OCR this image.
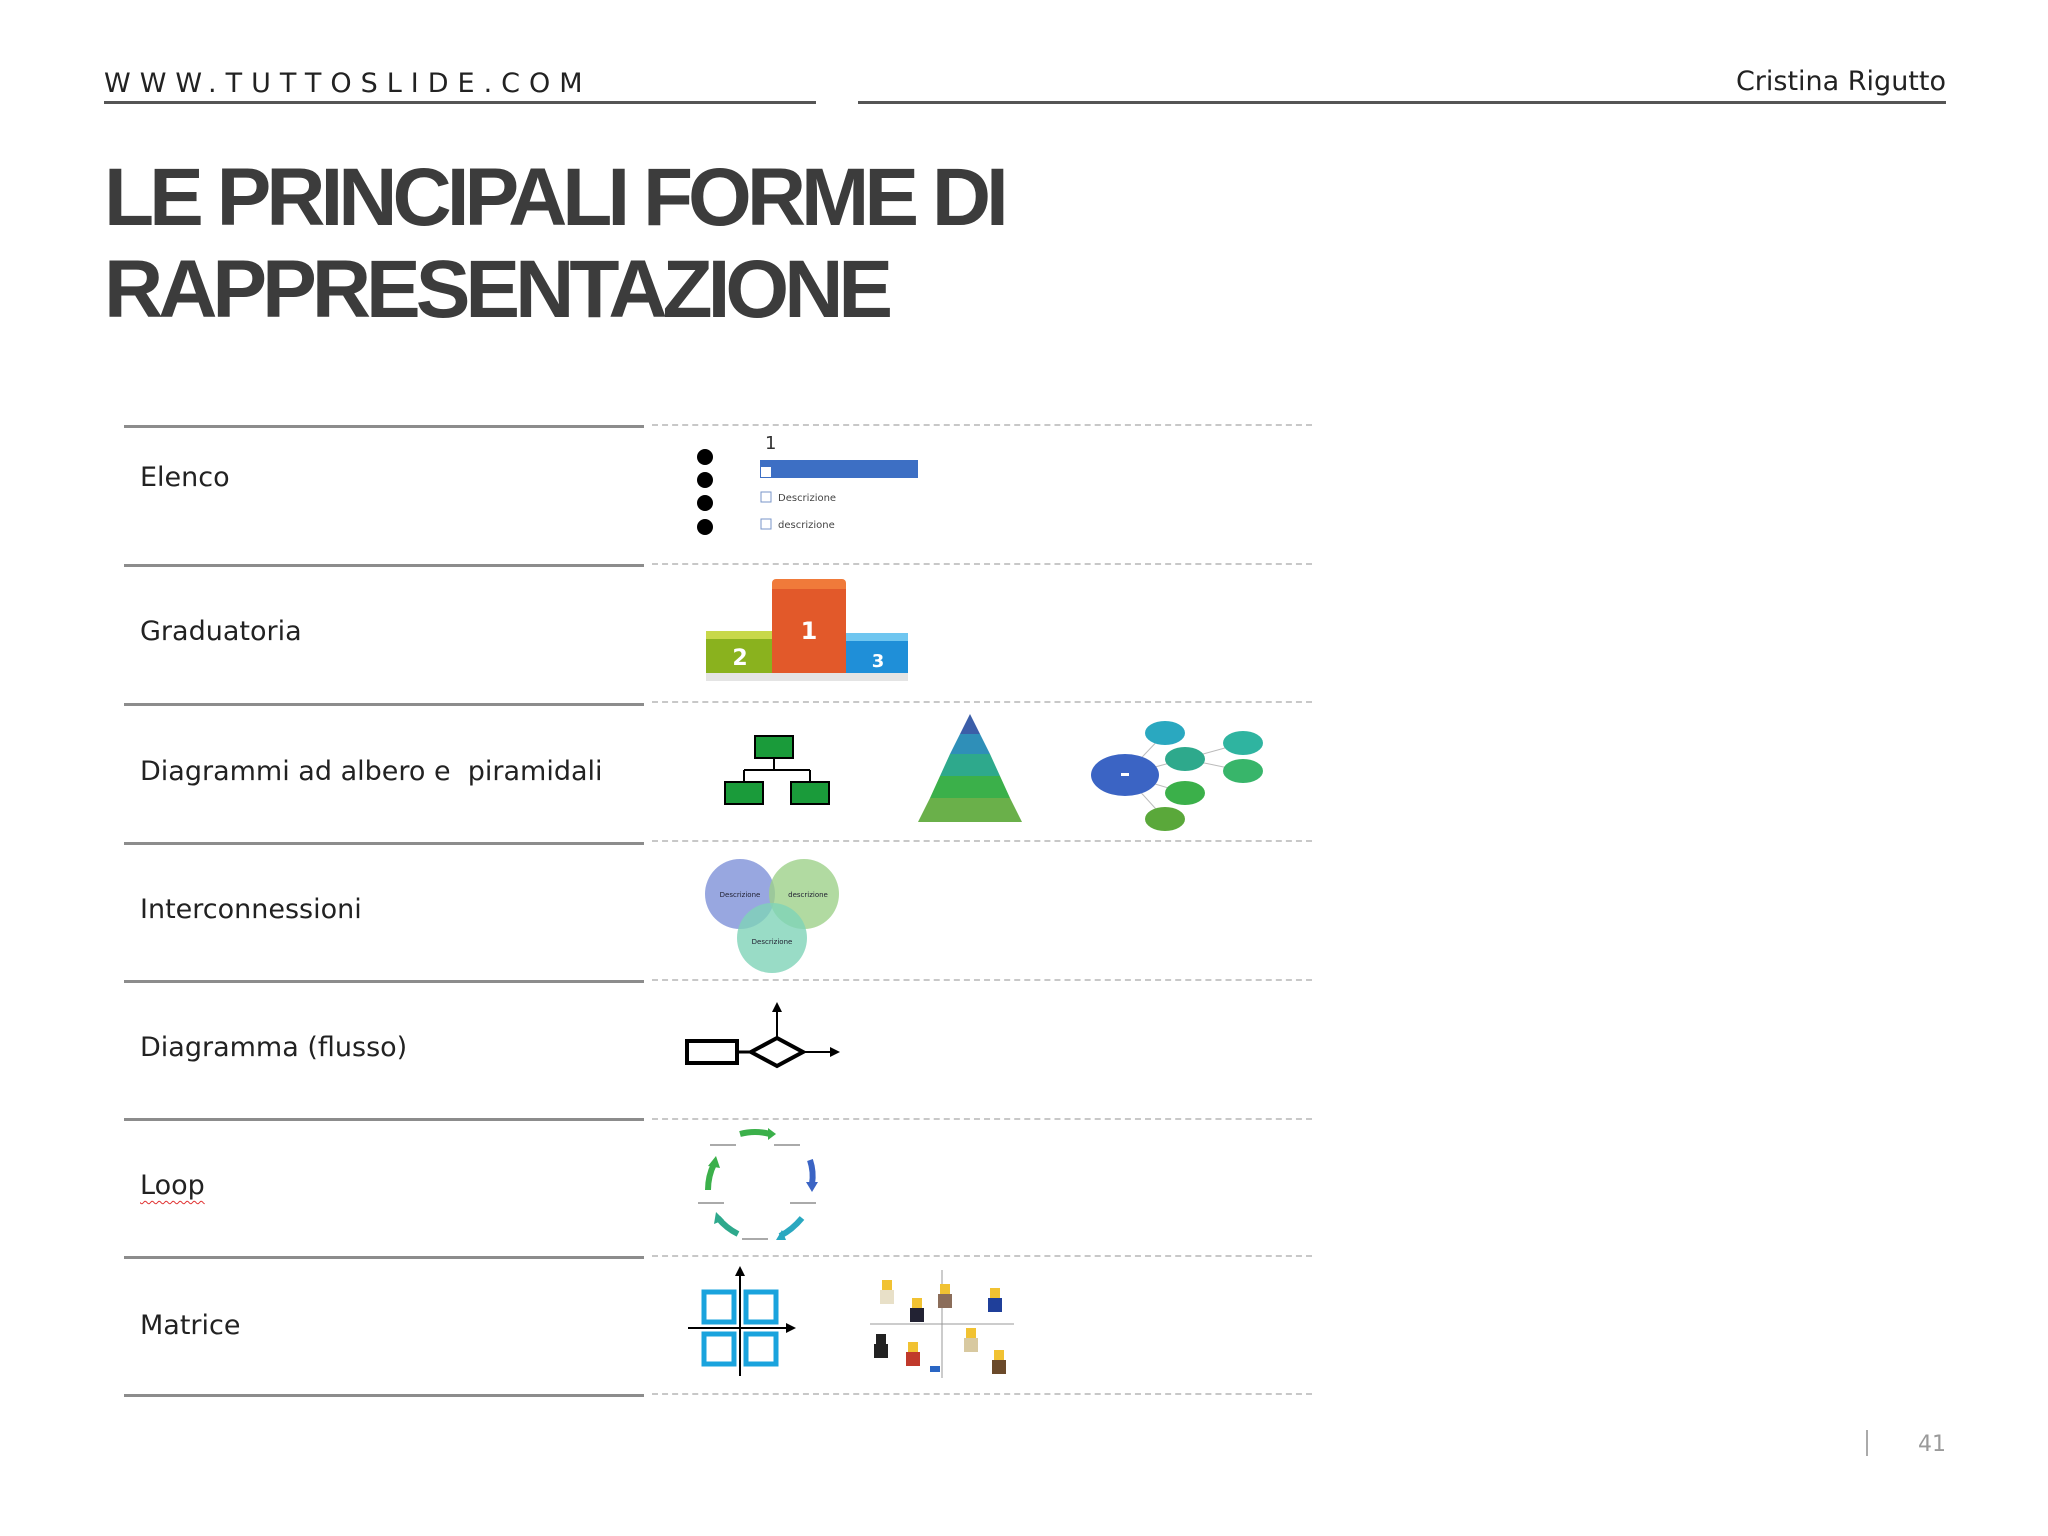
WWW.TUTTOSLIDE.COM	Cristina Rigutto
LE PRINCIPALI FORME DI
RAPPRESENTAZIONE
Elenco
Graduatoria
Diagrammi ad albero e  piramidali
Interconnessioni
Diagramma (flusso)
Loop
Matrice
1
Descrizione
descrizione
2
1
3
Descrizione	descrizione
Descrizione
41
